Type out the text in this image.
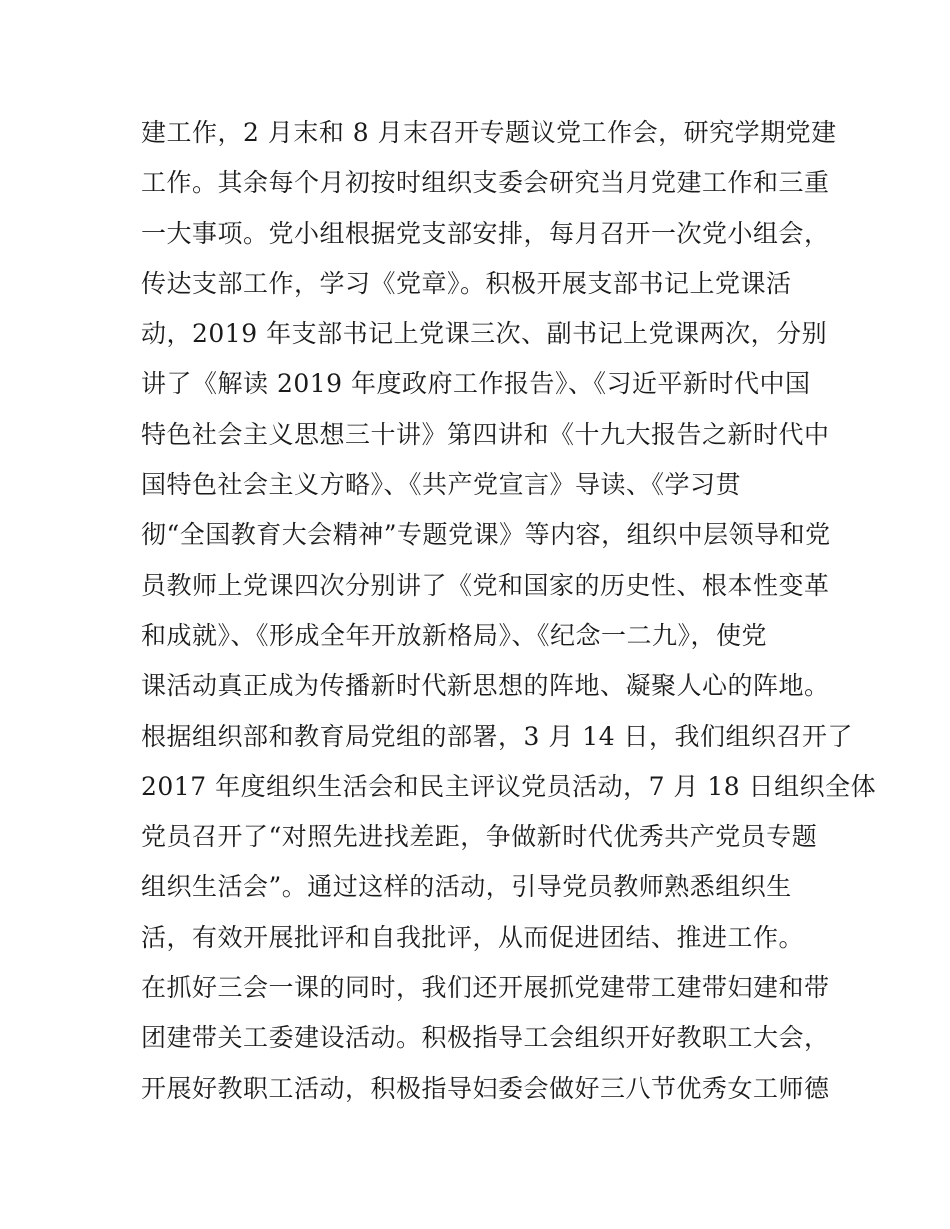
建工作，2 月末和 8 月末召开专题议党工作会，研究学期党建
工作。其余每个月初按时组织支委会研究当月党建工作和三重
一大事项。党小组根据党支部安排，每月召开一次党小组会，
传达支部工作，学习《党章》。积极开展支部书记上党课活
动，2019 年支部书记上党课三次、副书记上党课两次，分别
讲了《解读 2019 年度政府工作报告》、《习近平新时代中国
特色社会主义思想三十讲》第四讲和《十九大报告之新时代中
国特色社会主义方略》、《共产党宣言》导读、《学习贯
彻“全国教育大会精神”专题党课》等内容，组织中层领导和党
员教师上党课四次分别讲了《党和国家的历史性、根本性变革
和成就》、《形成全年开放新格局》、《纪念一二九》，使党
课活动真正成为传播新时代新思想的阵地、凝聚人心的阵地。
根据组织部和教育局党组的部署，3 月 14 日，我们组织召开了
2017 年度组织生活会和民主评议党员活动，7 月 18 日组织全体
党员召开了“对照先进找差距，争做新时代优秀共产党员专题
组织生活会”。通过这样的活动，引导党员教师熟悉组织生
活，有效开展批评和自我批评，从而促进团结、推进工作。
在抓好三会一课的同时，我们还开展抓党建带工建带妇建和带
团建带关工委建设活动。积极指导工会组织开好教职工大会，
开展好教职工活动，积极指导妇委会做好三八节优秀女工师德
